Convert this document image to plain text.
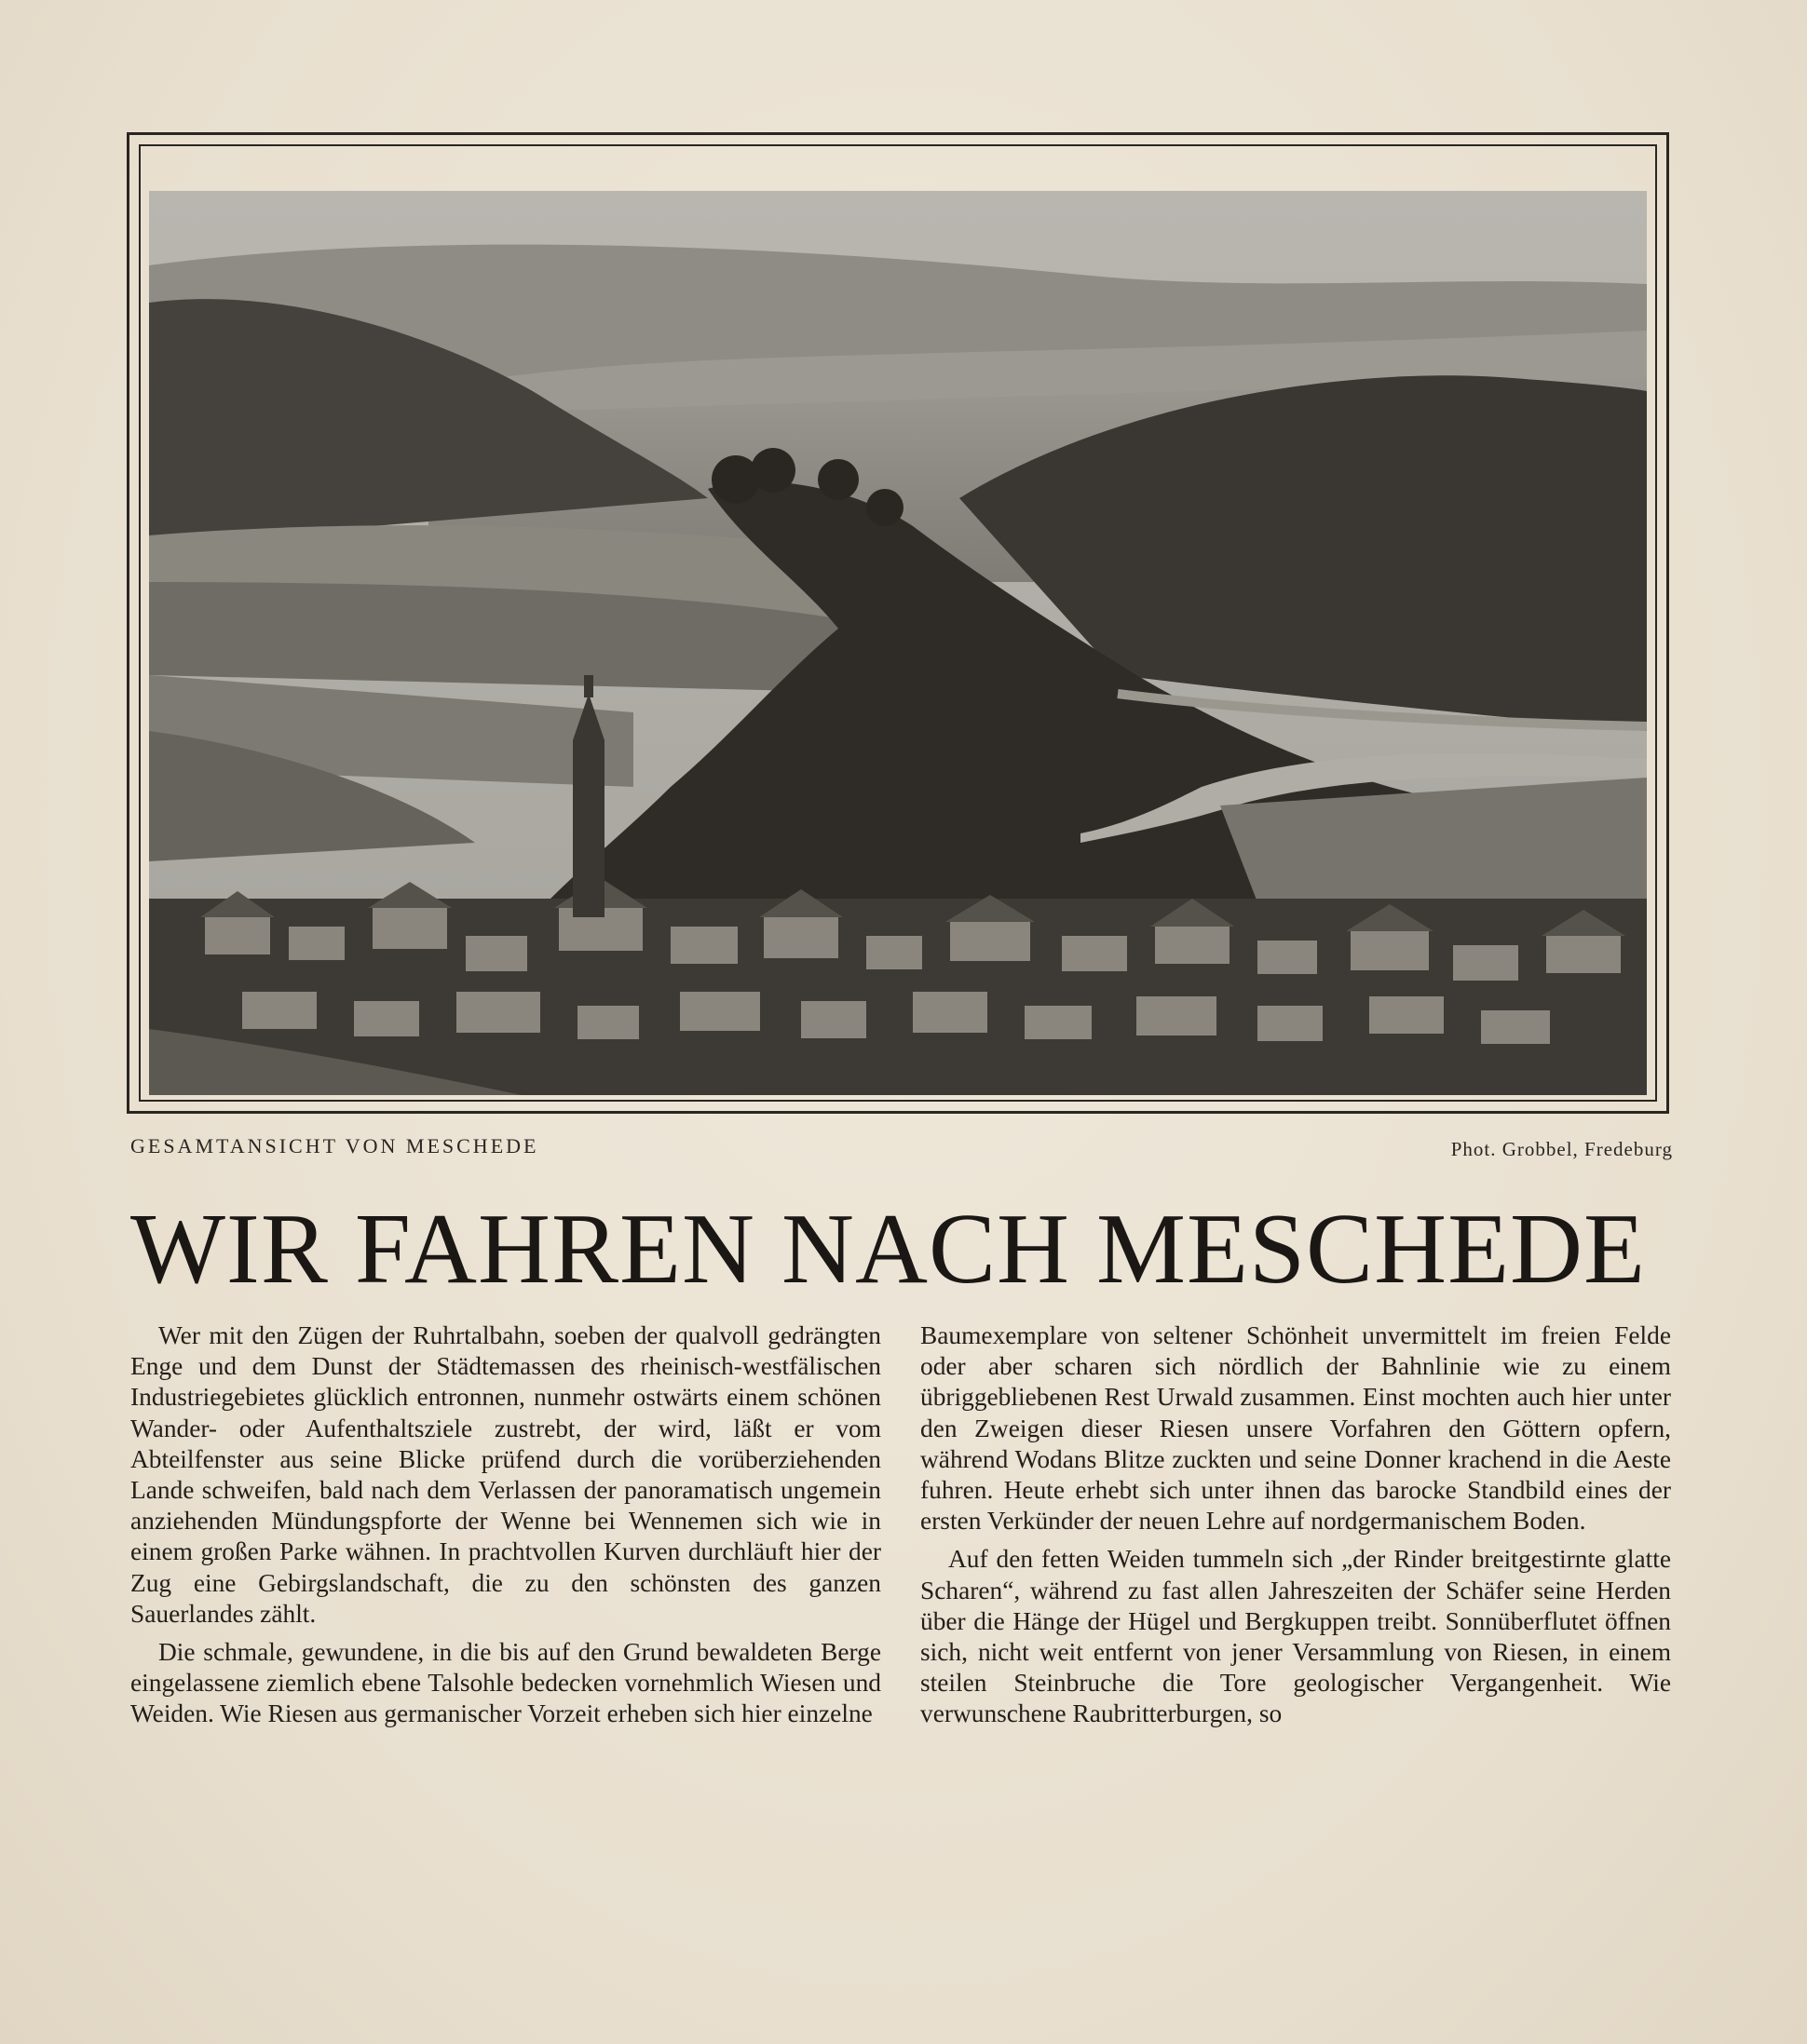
GESAMTANSICHT VON MESCHEDE	Phot. Grobbel, Fredeburg
WIR FAHREN NACH MESCHEDE

Wer mit den Zügen der Ruhrtalbahn, soeben der qualvoll gedrängten Enge und dem Dunst der Städtemassen des rheinisch-westfälischen Industriegebietes glücklich entronnen, nunmehr ostwärts einem schönen Wander- oder Aufenthaltsziele zustrebt, der wird, läßt er vom Abteilfenster aus seine Blicke prüfend durch die vorüberziehenden Lande schweifen, bald nach dem Verlassen der panoramatisch ungemein anziehenden Mündungspforte der Wenne bei Wennemen sich wie in einem großen Parke wähnen. In prachtvollen Kurven durchläuft hier der Zug eine Gebirgslandschaft, die zu den schönsten des ganzen Sauerlandes zählt.

Die schmale, gewundene, in die bis auf den Grund bewaldeten Berge eingelassene ziemlich ebene Talsohle bedecken vornehmlich Wiesen und Weiden. Wie Riesen aus germanischer Vorzeit erheben sich hier einzelne

Baumexemplare von seltener Schönheit unvermittelt im freien Felde oder aber scharen sich nördlich der Bahnlinie wie zu einem übriggebliebenen Rest Urwald zusammen. Einst mochten auch hier unter den Zweigen dieser Riesen unsere Vorfahren den Göttern opfern, während Wodans Blitze zuckten und seine Donner krachend in die Aeste fuhren. Heute erhebt sich unter ihnen das barocke Standbild eines der ersten Verkünder der neuen Lehre auf nordgermanischem Boden.

Auf den fetten Weiden tummeln sich „der Rinder breitgestirnte glatte Scharen“, während zu fast allen Jahreszeiten der Schäfer seine Herden über die Hänge der Hügel und Bergkuppen treibt. Sonnüberflutet öffnen sich, nicht weit entfernt von jener Versammlung von Riesen, in einem steilen Steinbruche die Tore geologischer Vergangenheit. Wie verwunschene Raubritterburgen, so
